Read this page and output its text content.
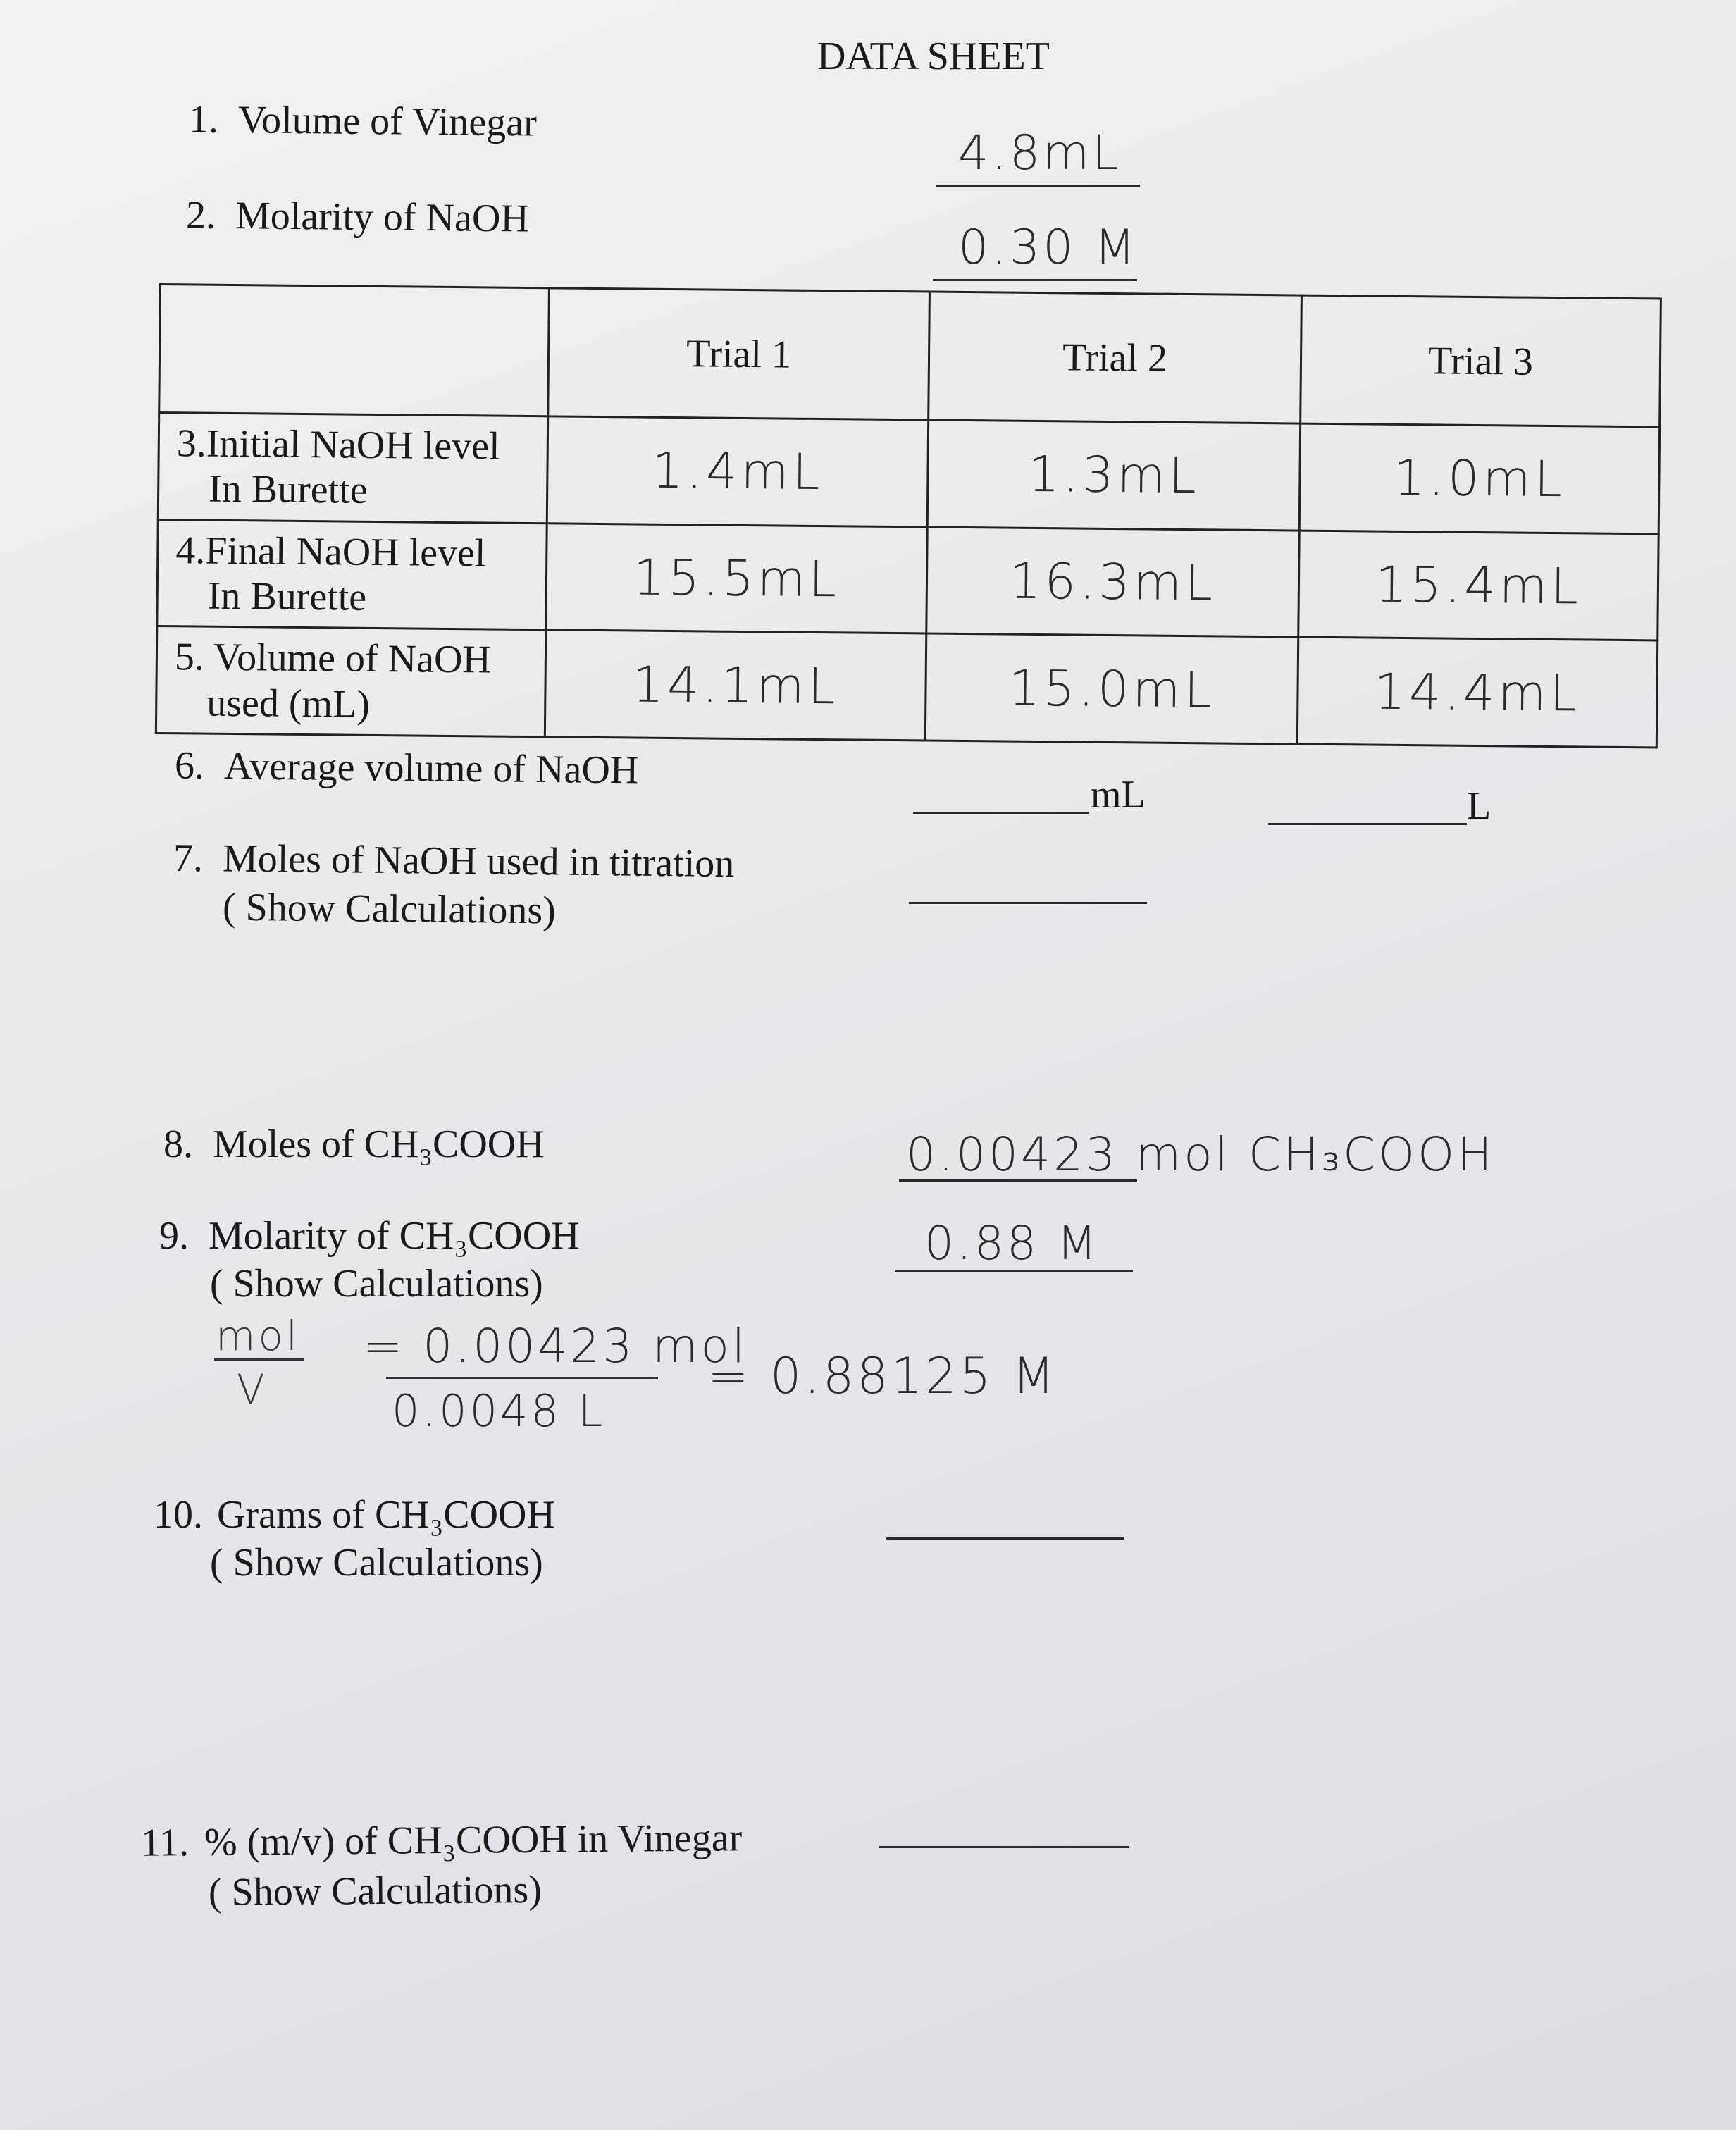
DATA SHEET
1. Volume of Vinegar
4.8mL
2. Molarity of NaOH
0.30 M
	Trial 1	Trial 2	Trial 3

3.Initial NaOH level
In Burette	1.4mL	1.3mL	1.0mL

4.Final NaOH level
In Burette	15.5mL	16.3mL	15.4mL

5. Volume of NaOH
used (mL)	14.1mL	15.0mL	14.4mL
6. Average volume of NaOH
mL	L
7. Moles of NaOH used in titration
( Show Calculations)
8. Moles of CH₃COOH	0.00423 mol CH₃COOH
9. Molarity of CH₃COOH
( Show Calculations)
0.88 M
mol
V
= 0.00423 mol
0.0048 L
= 0.88125 M
10. Grams of CH₃COOH
( Show Calculations)
11. % (m/v) of CH₃COOH in Vinegar
( Show Calculations)
